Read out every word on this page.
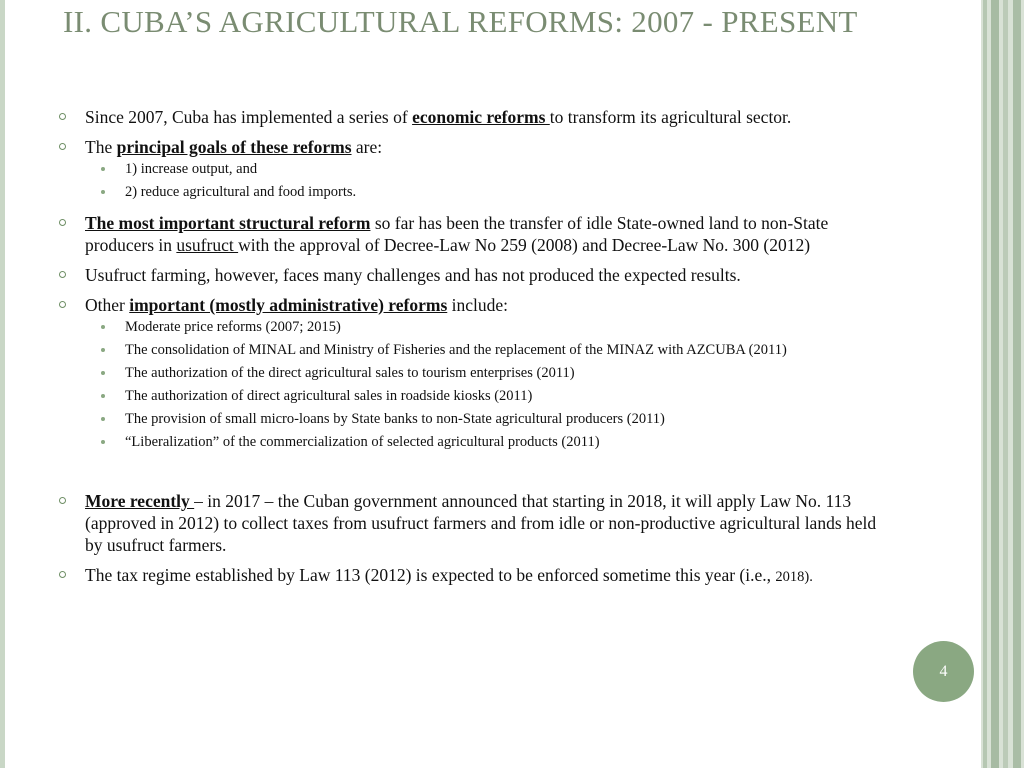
II. CUBA’S AGRICULTURAL REFORMS: 2007 - PRESENT
Since 2007, Cuba has implemented a series of economic reforms to transform its agricultural sector.
The principal goals of these reforms are:
1) increase output, and
2) reduce agricultural and food imports.
The most important structural reform so far has been the transfer of idle State-owned land to non-State producers in usufruct with the approval of Decree-Law No 259 (2008) and Decree-Law No. 300 (2012)
Usufruct farming, however, faces many challenges and has not produced the expected results.
Other important (mostly administrative) reforms include:
Moderate price reforms (2007; 2015)
The consolidation of MINAL and Ministry of Fisheries and the replacement of the MINAZ with AZCUBA (2011)
The authorization of the direct agricultural sales to tourism enterprises (2011)
The authorization of direct agricultural sales in roadside kiosks (2011)
The provision of small micro-loans by State banks to non-State agricultural producers (2011)
“Liberalization” of the commercialization of selected agricultural products (2011)
More recently – in 2017 – the Cuban government announced that starting in 2018, it will apply Law No. 113 (approved in 2012) to collect taxes from usufruct farmers and from idle or non-productive agricultural lands held by usufruct farmers.
The tax regime established by Law 113 (2012) is expected to be enforced sometime this year (i.e., 2018).
4
